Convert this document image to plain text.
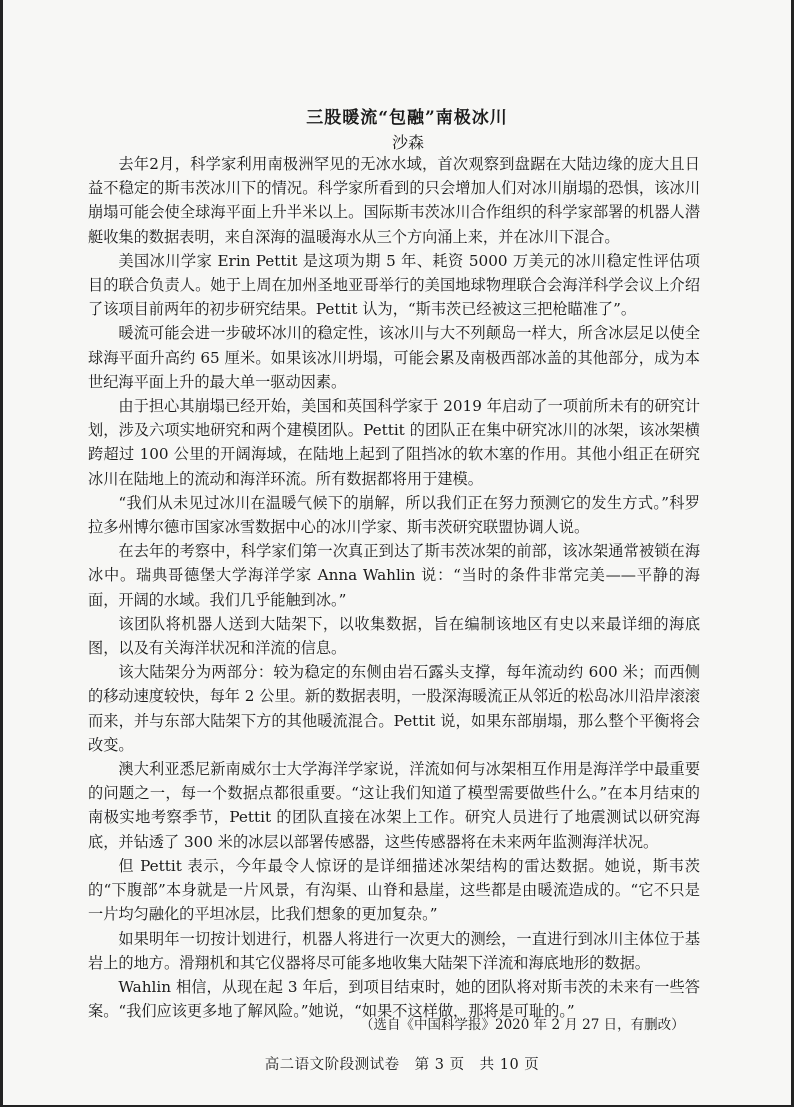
三股暖流“包融”南极冰川
沙森

去年2月，科学家利用南极洲罕见的无冰水域，首次观察到盘踞在大陆边缘的庞大且日益不稳定的斯韦茨冰川下的情况。科学家所看到的只会增加人们对冰川崩塌的恐惧，该冰川崩塌可能会使全球海平面上升半米以上。国际斯韦茨冰川合作组织的科学家部署的机器人潜艇收集的数据表明，来自深海的温暖海水从三个方向涌上来，并在冰川下混合。

美国冰川学家 Erin Pettit 是这项为期 5 年、耗资 5000 万美元的冰川稳定性评估项目的联合负责人。她于上周在加州圣地亚哥举行的美国地球物理联合会海洋科学会议上介绍了该项目前两年的初步研究结果。Pettit 认为，“斯韦茨已经被这三把枪瞄准了”。

暖流可能会进一步破坏冰川的稳定性，该冰川与大不列颠岛一样大，所含冰层足以使全球海平面升高约 65 厘米。如果该冰川坍塌，可能会累及南极西部冰盖的其他部分，成为本世纪海平面上升的最大单一驱动因素。

由于担心其崩塌已经开始，美国和英国科学家于 2019 年启动了一项前所未有的研究计划，涉及六项实地研究和两个建模团队。Pettit 的团队正在集中研究冰川的冰架，该冰架横跨超过 100 公里的开阔海域，在陆地上起到了阻挡冰的软木塞的作用。其他小组正在研究冰川在陆地上的流动和海洋环流。所有数据都将用于建模。

“我们从未见过冰川在温暖气候下的崩解，所以我们正在努力预测它的发生方式。”科罗拉多州博尔德市国家冰雪数据中心的冰川学家、斯韦茨研究联盟协调人说。

在去年的考察中，科学家们第一次真正到达了斯韦茨冰架的前部，该冰架通常被锁在海冰中。瑞典哥德堡大学海洋学家 Anna Wahlin 说：“当时的条件非常完美——平静的海面，开阔的水域。我们几乎能触到冰。”

该团队将机器人送到大陆架下，以收集数据，旨在编制该地区有史以来最详细的海底图，以及有关海洋状况和洋流的信息。

该大陆架分为两部分：较为稳定的东侧由岩石露头支撑，每年流动约 600 米；而西侧的移动速度较快，每年 2 公里。新的数据表明，一股深海暖流正从邻近的松岛冰川沿岸滚滚而来，并与东部大陆架下方的其他暖流混合。Pettit 说，如果东部崩塌，那么整个平衡将会改变。

澳大利亚悉尼新南威尔士大学海洋学家说，洋流如何与冰架相互作用是海洋学中最重要的问题之一，每一个数据点都很重要。“这让我们知道了模型需要做些什么。”在本月结束的南极实地考察季节，Pettit 的团队直接在冰架上工作。研究人员进行了地震测试以研究海底，并钻透了 300 米的冰层以部署传感器，这些传感器将在未来两年监测海洋状况。

但 Pettit 表示，今年最令人惊讶的是详细描述冰架结构的雷达数据。她说，斯韦茨的“下腹部”本身就是一片风景，有沟渠、山脊和悬崖，这些都是由暖流造成的。“它不只是一片均匀融化的平坦冰层，比我们想象的更加复杂。”

如果明年一切按计划进行，机器人将进行一次更大的测绘，一直进行到冰川主体位于基岩上的地方。滑翔机和其它仪器将尽可能多地收集大陆架下洋流和海底地形的数据。

Wahlin 相信，从现在起 3 年后，到项目结束时，她的团队将对斯韦茨的未来有一些答案。“我们应该更多地了解风险。”她说，“如果不这样做，那将是可耻的。”

（选自《中国科学报》2020 年 2 月 27 日，有删改）
高二语文阶段测试卷　第 3 页　共 10 页
